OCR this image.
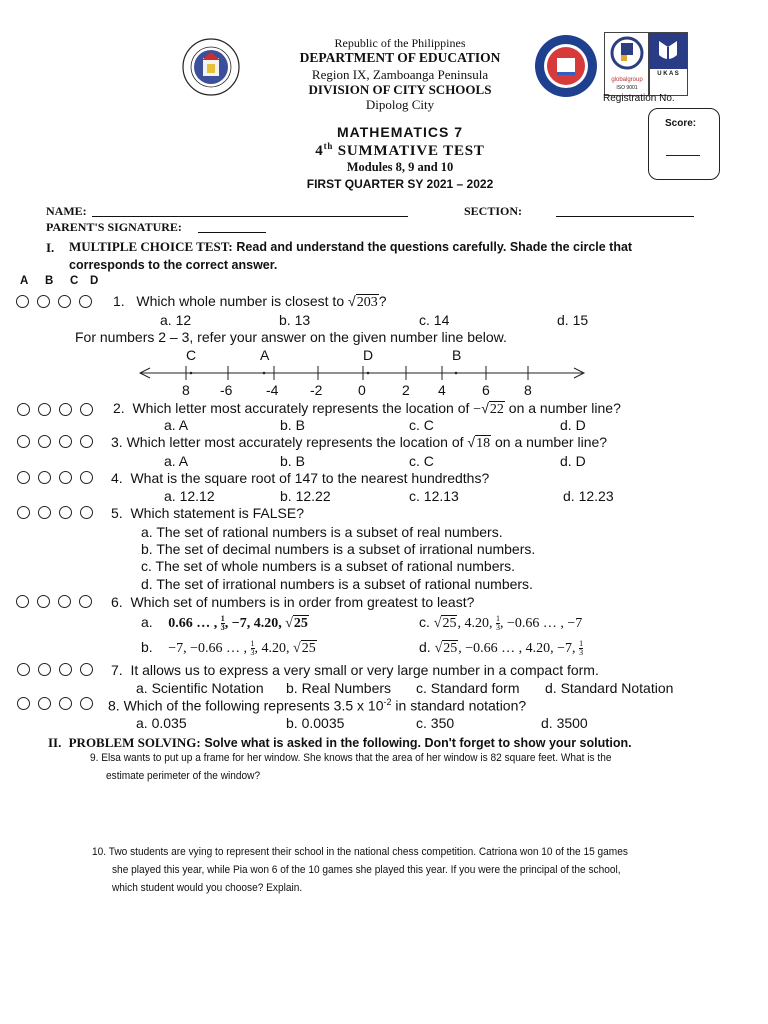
Republic of the Philippines
DEPARTMENT OF EDUCATION
Region IX, Zamboanga Peninsula
DIVISION OF CITY SCHOOLS
Dipolog City
globalgroup
ISO 9001
U K A S
Registration No.
Score:
MATHEMATICS 7
4th SUMMATIVE TEST
Modules 8, 9 and 10
FIRST QUARTER SY 2021 – 2022
NAME:	SECTION:
PARENT'S SIGNATURE:
I. MULTIPLE CHOICE TEST: Read and understand the questions carefully. Shade the circle that
corresponds to the correct answer.
A	B	C	D
1. Which whole number is closest to √203?
a. 12	b. 13	c. 14	d. 15
For numbers 2 – 3, refer your answer on the given number line below.
C	A	D	B
8 -6 -4 -2	0	2 4	6 8
2. Which letter most accurately represents the location of −√22 on a number line?
a. A	b. B	c. C	d. D
3. Which letter most accurately represents the location of √18 on a number line?
a. A	b. B	c. C	d. D
4. What is the square root of 147 to the nearest hundredths?
a. 12.12	b. 12.22	c. 12.13	d. 12.23
5. Which statement is FALSE?
a. The set of rational numbers is a subset of real numbers.
b. The set of decimal numbers is a subset of irrational numbers.
c. The set of whole numbers is a subset of rational numbers.
d. The set of irrational numbers is a subset of rational numbers.
6. Which set of numbers is in order from greatest to least?
a. 0.66 … , $\frac{1}{3}$ , −7, 4.20, √25	c. √25, 4.20, $\frac{1}{3}$ , −0.66 … , −7
b. −7, −0.66 … , $\frac{1}{3}$ , 4.20, √25	d. √25, −0.66 … , 4.20, −7, $\frac{1}{3}$
7. It allows us to express a very small or very large number in a compact form.
a. Scientific Notation b. Real Numbers c. Standard form d. Standard Notation
8. Which of the following represents 3.5 x $10^{-2}$ in standard notation?
a. 0.035	b. 0.0035	c. 350	d. 3500
II. PROBLEM SOLVING: Solve what is asked in the following. Don't forget to show your solution.
9. Elsa wants to put up a frame for her window. She knows that the area of her window is 82 square feet. What is the
estimate perimeter of the window?
10. Two students are vying to represent their school in the national chess competition. Catriona won 10 of the 15 games
she played this year, while Pia won 6 of the 10 games she played this year. If you were the principal of the school,
which student would you choose? Explain.
